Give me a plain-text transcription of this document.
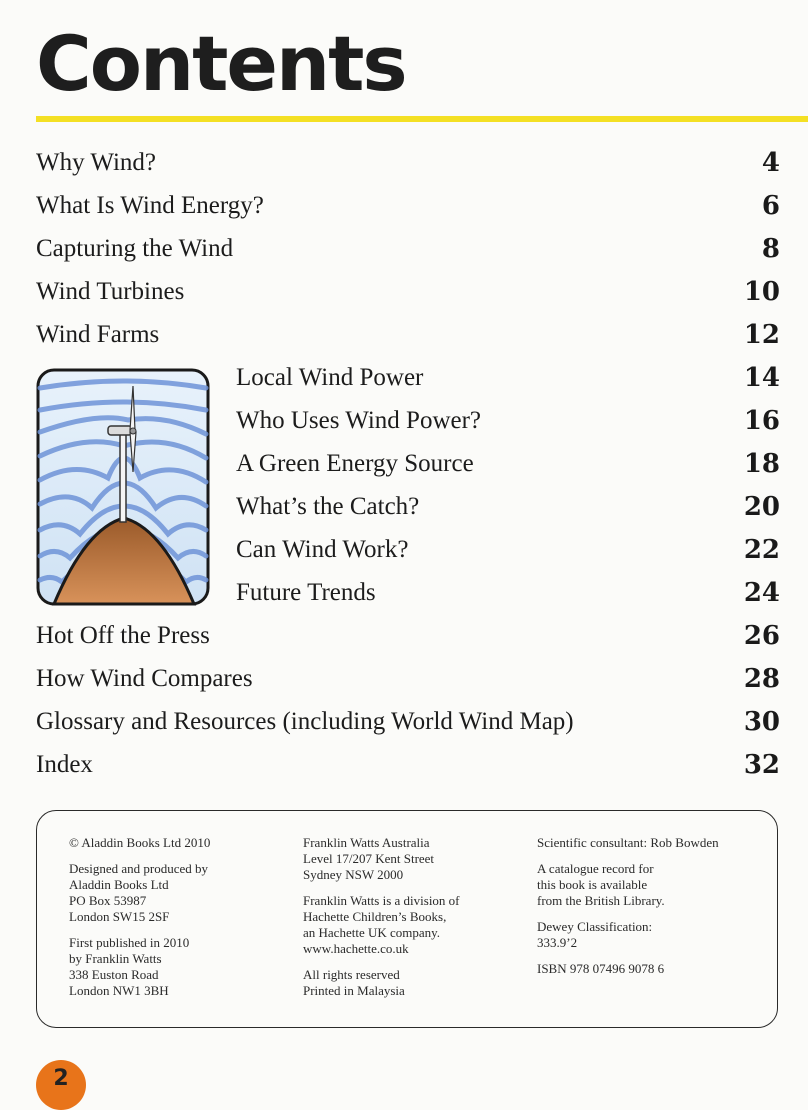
Contents
Why Wind?	4
What Is Wind Energy?	6
Capturing the Wind	8
Wind Turbines	10
Wind Farms	12
Local Wind Power	14
Who Uses Wind Power?	16
A Green Energy Source	18
What’s the Catch?	20
Can Wind Work?	22
Future Trends	24
Hot Off the Press	26
How Wind Compares	28
Glossary and Resources (including World Wind Map)	30
Index	32

© Aladdin Books Ltd 2010

Designed and produced by
Aladdin Books Ltd
PO Box 53987
London SW15 2SF

First published in 2010
by Franklin Watts
338 Euston Road
London NW1 3BH

Franklin Watts Australia
Level 17/207 Kent Street
Sydney NSW 2000

Franklin Watts is a division of
Hachette Children’s Books,
an Hachette UK company.
www.hachette.co.uk

All rights reserved
Printed in Malaysia

Scientific consultant: Rob Bowden

A catalogue record for
this book is available
from the British Library.

Dewey Classification:
333.9’2

ISBN 978 07496 9078 6

2
